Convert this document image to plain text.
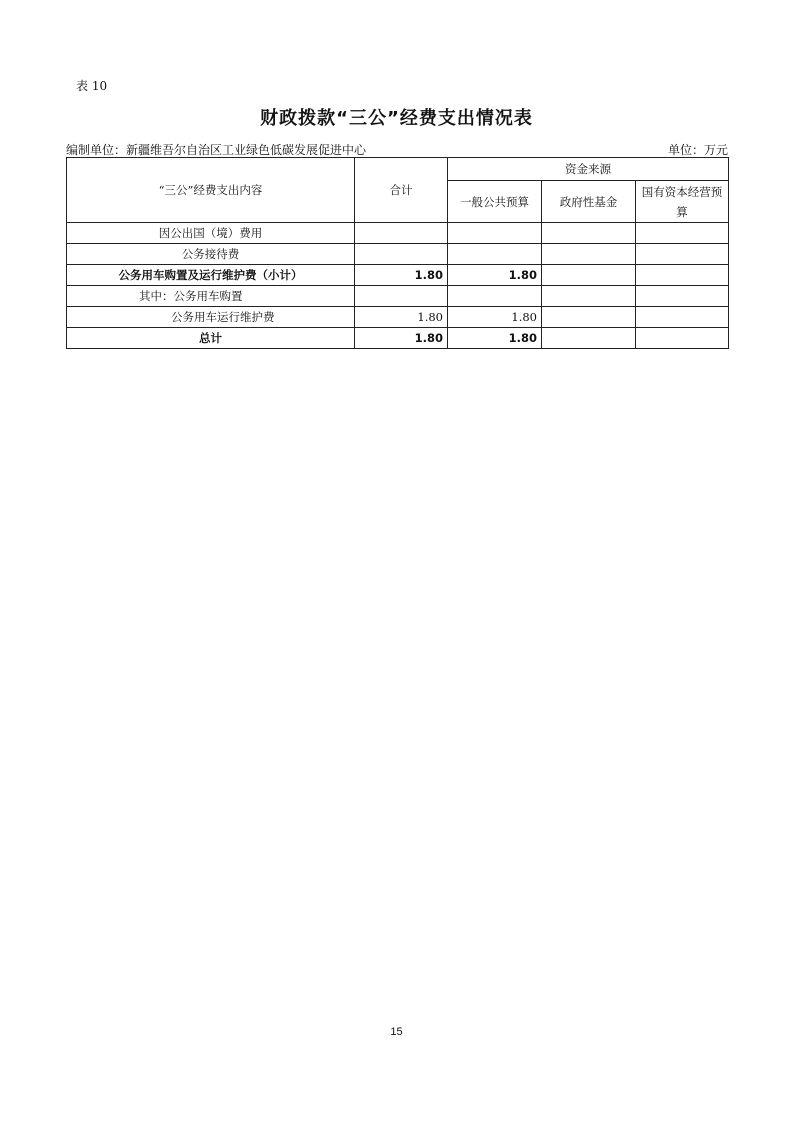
表 10
财政拨款“三公”经费支出情况表
编制单位：新疆维吾尔自治区工业绿色低碳发展促进中心	单位：万元
“三公”经费支出内容	合计	资金来源		
		一般公共预算	政府性基金	国有资本经营预算
因公出国（境）费用				
公务接待费				
公务用车购置及运行维护费（小计）	1.80	1.80		
其中：公务用车购置				
公务用车运行维护费	1.80	1.80		
总计	1.80	1.80		
15
